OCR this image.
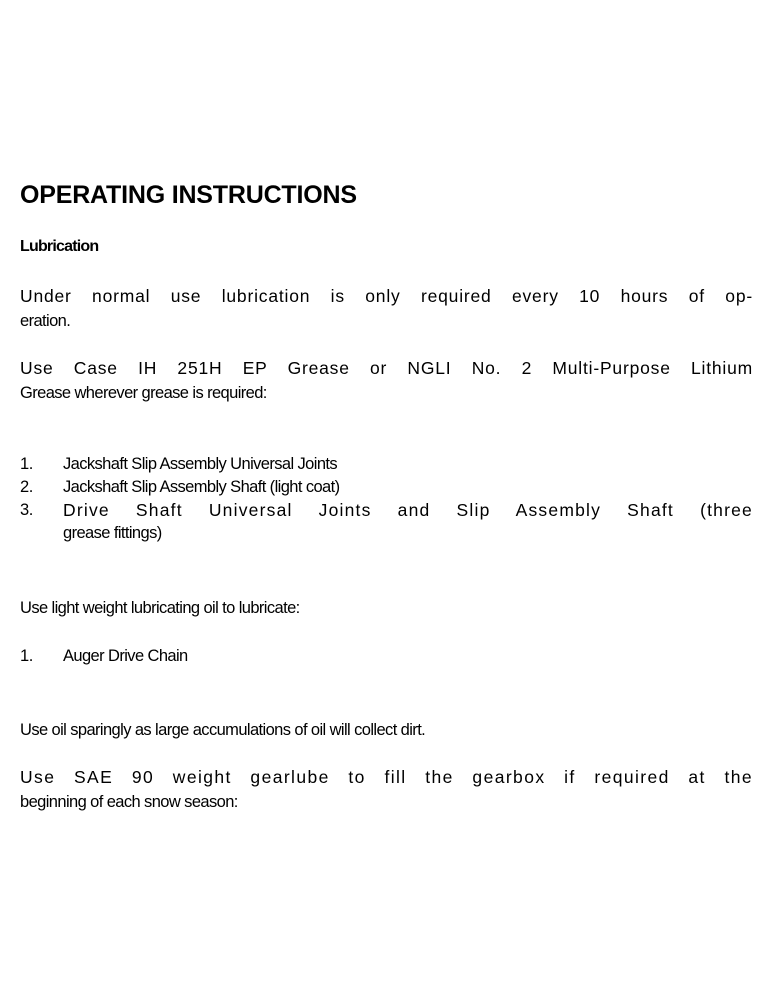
OPERATING INSTRUCTIONS
Lubrication
Under normal use lubrication is only required every 10 hours of op-
eration.
Use Case IH 251H EP Grease or NGLI No. 2 Multi-Purpose Lithium
Grease wherever grease is required:
1. Jackshaft Slip Assembly Universal Joints
2. Jackshaft Slip Assembly Shaft (light coat)
3. Drive Shaft Universal Joints and Slip Assembly Shaft (three
grease fittings)
Use light weight lubricating oil to lubricate:
1. Auger Drive Chain
Use oil sparingly as large accumulations of oil will collect dirt.
Use SAE 90 weight gearlube to fill the gearbox if required at the
beginning of each snow season:
